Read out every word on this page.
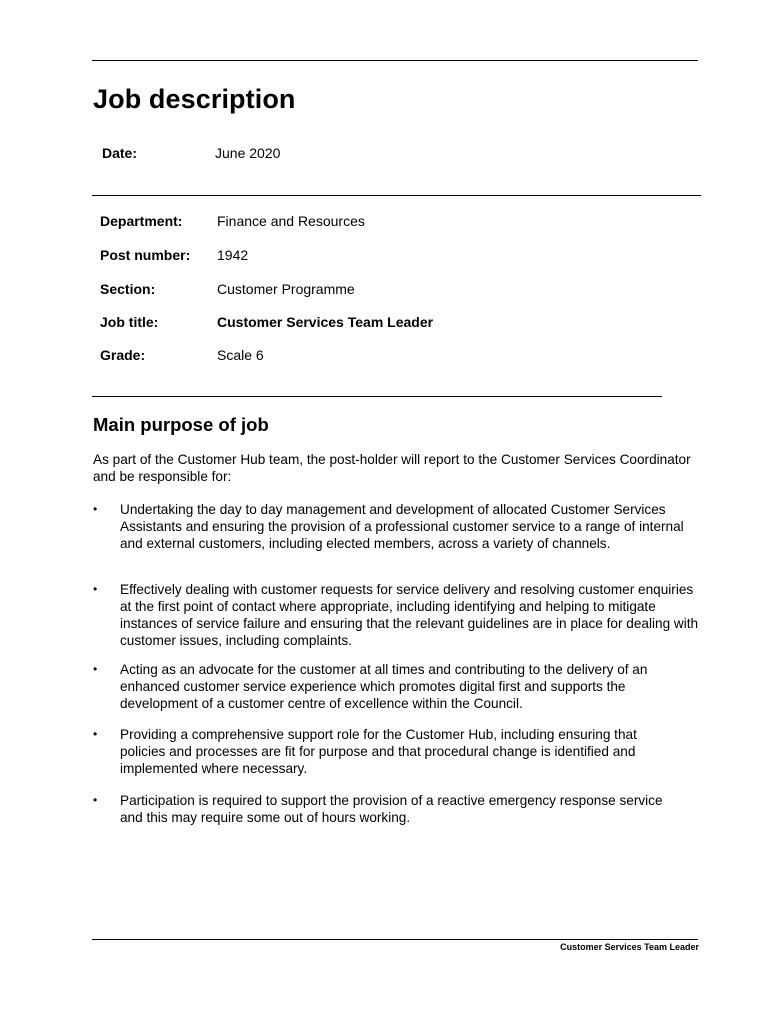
Job description
Date:	June 2020
Department: Finance and Resources
Post number: 1942
Section:	Customer Programme
Job title:	Customer Services Team Leader
Grade:	Scale 6
Main purpose of job

As part of the Customer Hub team, the post-holder will report to the Customer Services Coordinator and be responsible for:

• Undertaking the day to day management and development of allocated Customer Services Assistants and ensuring the provision of a professional customer service to a range of internal and external customers, including elected members, across a variety of channels.

• Effectively dealing with customer requests for service delivery and resolving customer enquiries at the first point of contact where appropriate, including identifying and helping to mitigate instances of service failure and ensuring that the relevant guidelines are in place for dealing with customer issues, including complaints.

• Acting as an advocate for the customer at all times and contributing to the delivery of an enhanced customer service experience which promotes digital first and supports the development of a customer centre of excellence within the Council.

• Providing a comprehensive support role for the Customer Hub, including ensuring that policies and processes are fit for purpose and that procedural change is identified and implemented where necessary.

• Participation is required to support the provision of a reactive emergency response service and this may require some out of hours working.

Customer Services Team Leader
